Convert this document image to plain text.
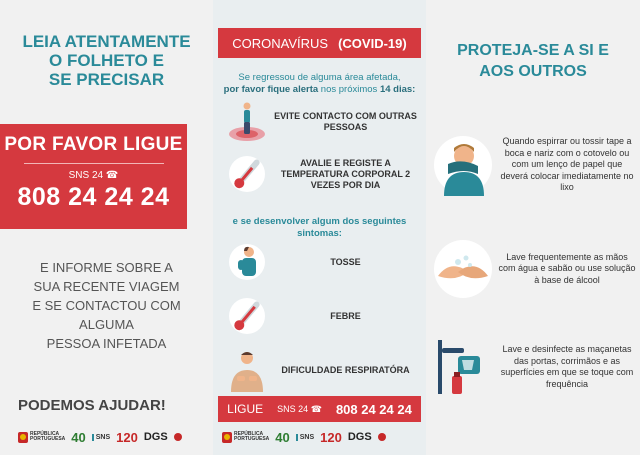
LEIA ATENTAMENTE
O FOLHETO E
SE PRECISAR
POR FAVOR LIGUE
SNS 24 ☎
808 24 24 24
E INFORME SOBRE A
SUA RECENTE VIAGEM
E SE CONTACTOU COM
ALGUMA
PESSOA INFETADA
PODEMOS AJUDAR!
REPÚBLICA
PORTUGUESA 40	SNS 120 DGS
CORONAVÍRUS (COVID-19)
Se regressou de alguma área afetada,
por favor fique alerta nos próximos 14 dias:
EVITE CONTACTO COM OUTRAS PESSOAS
AVALIE E REGISTE A TEMPERATURA CORPORAL 2 VEZES POR DIA
e se desenvolver algum dos seguintes
sintomas:
TOSSE
FEBRE
DIFICULDADE RESPIRATÓRA
LIGUE SNS 24 ☎ 808 24 24 24
REPÚBLICA
PORTUGUESA 40	SNS 120 DGS
PROTEJA-SE A SI E
AOS OUTROS
Quando espirrar ou tossir tape a boca e nariz com o cotovelo ou com um lenço de papel que deverá colocar imediatamente no lixo
Lave frequentemente as mãos com água e sabão ou use solução à base de álcool
Lave e desinfecte as maçanetas das portas, corrimãos e as superfícies em que se toque com frequência
